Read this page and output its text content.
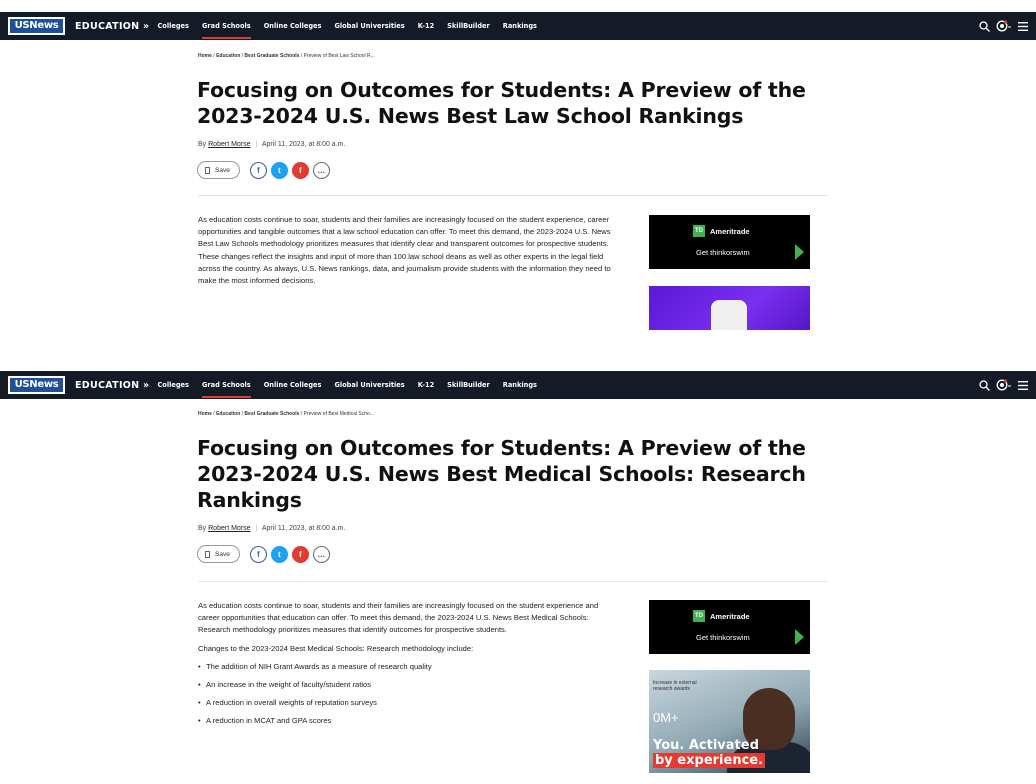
USNews	EDUCATION » Colleges Grad Schools Online Colleges Global Universities K-12 SkillBuilder Rankings
Home / Education / Best Graduate Schools / Preview of Best Law School R...
Focusing on Outcomes for Students: A Preview of the 2023-2024 U.S. News Best Law School Rankings
By Robert Morse | April 11, 2023, at 8:00 a.m.
Save	f	t	f	…

As education costs continue to soar, students and their families are increasingly focused on the student experience, career opportunities and tangible outcomes that a law school education can offer. To meet this demand, the 2023-2024 U.S. News Best Law Schools methodology prioritizes measures that identify clear and transparent outcomes for prospective students. These changes reflect the insights and input of more than 100 law school deans as well as other experts in the legal field across the country. As always, U.S. News rankings, data, and journalism provide students with the information they need to make the most informed decisions.

TD Ameritrade
Get thinkorswim
USNews	EDUCATION » Colleges Grad Schools Online Colleges Global Universities K-12 SkillBuilder Rankings
Home / Education / Best Graduate Schools / Preview of Best Medical Scho...
Focusing on Outcomes for Students: A Preview of the 2023-2024 U.S. News Best Medical Schools: Research Rankings
By Robert Morse | April 11, 2023, at 8:00 a.m.
Save	f	t	f	…

As education costs continue to soar, students and their families are increasingly focused on the student experience and career opportunities that education can offer. To meet this demand, the 2023-2024 U.S. News Best Medical Schools: Research methodology prioritizes measures that identify outcomes for prospective students.

Changes to the 2023-2024 Best Medical Schools: Research methodology include:

• The addition of NIH Grant Awards as a measure of research quality
• An increase in the weight of faculty/student ratios
• A reduction in overall weights of reputation surveys
• A reduction in MCAT and GPA scores
TD Ameritrade
Get thinkorswim
Increase in external
research awards
0M+
You. Activated
by experience.
